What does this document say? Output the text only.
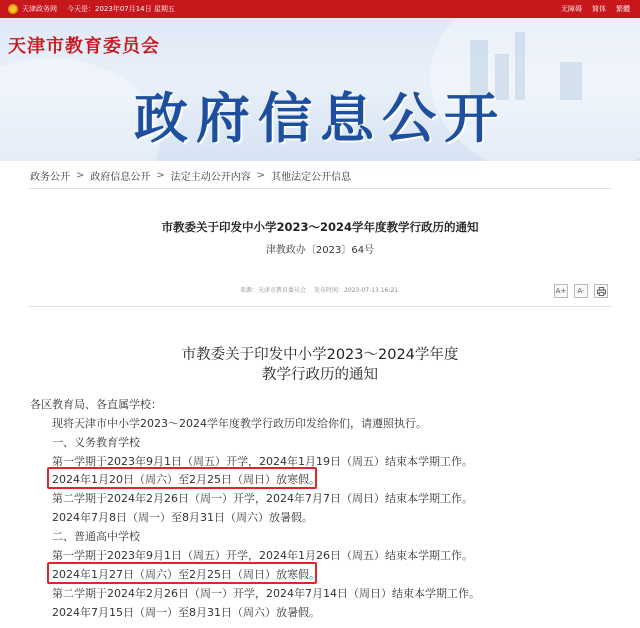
天津政务网 今天是：2023年07月14日 星期五	无障碍 简体 繁體
天津市教育委员会
政府信息公开
政务公开 > 政府信息公开 > 法定主动公开内容 > 其他法定公开信息
市教委关于印发中小学2023～2024学年度教学行政历的通知
津教政办〔2023〕64号
来源：天津市教育委员会 发布时间：2023-07-13 16:21	A+	A-
市教委关于印发中小学2023～2024学年度
教学行政历的通知
各区教育局、各直属学校：
现将天津市中小学2023～2024学年度教学行政历印发给你们，请遵照执行。
一、义务教育学校
第一学期于2023年9月1日（周五）开学，2024年1月19日（周五）结束本学期工作。
2024年1月20日（周六）至2月25日（周日）放寒假。
第二学期于2024年2月26日（周一）开学，2024年7月7日（周日）结束本学期工作。
2024年7月8日（周一）至8月31日（周六）放暑假。
二、普通高中学校
第一学期于2023年9月1日（周五）开学，2024年1月26日（周五）结束本学期工作。
2024年1月27日（周六）至2月25日（周日）放寒假。
第二学期于2024年2月26日（周一）开学，2024年7月14日（周日）结束本学期工作。
2024年7月15日（周一）至8月31日（周六）放暑假。
